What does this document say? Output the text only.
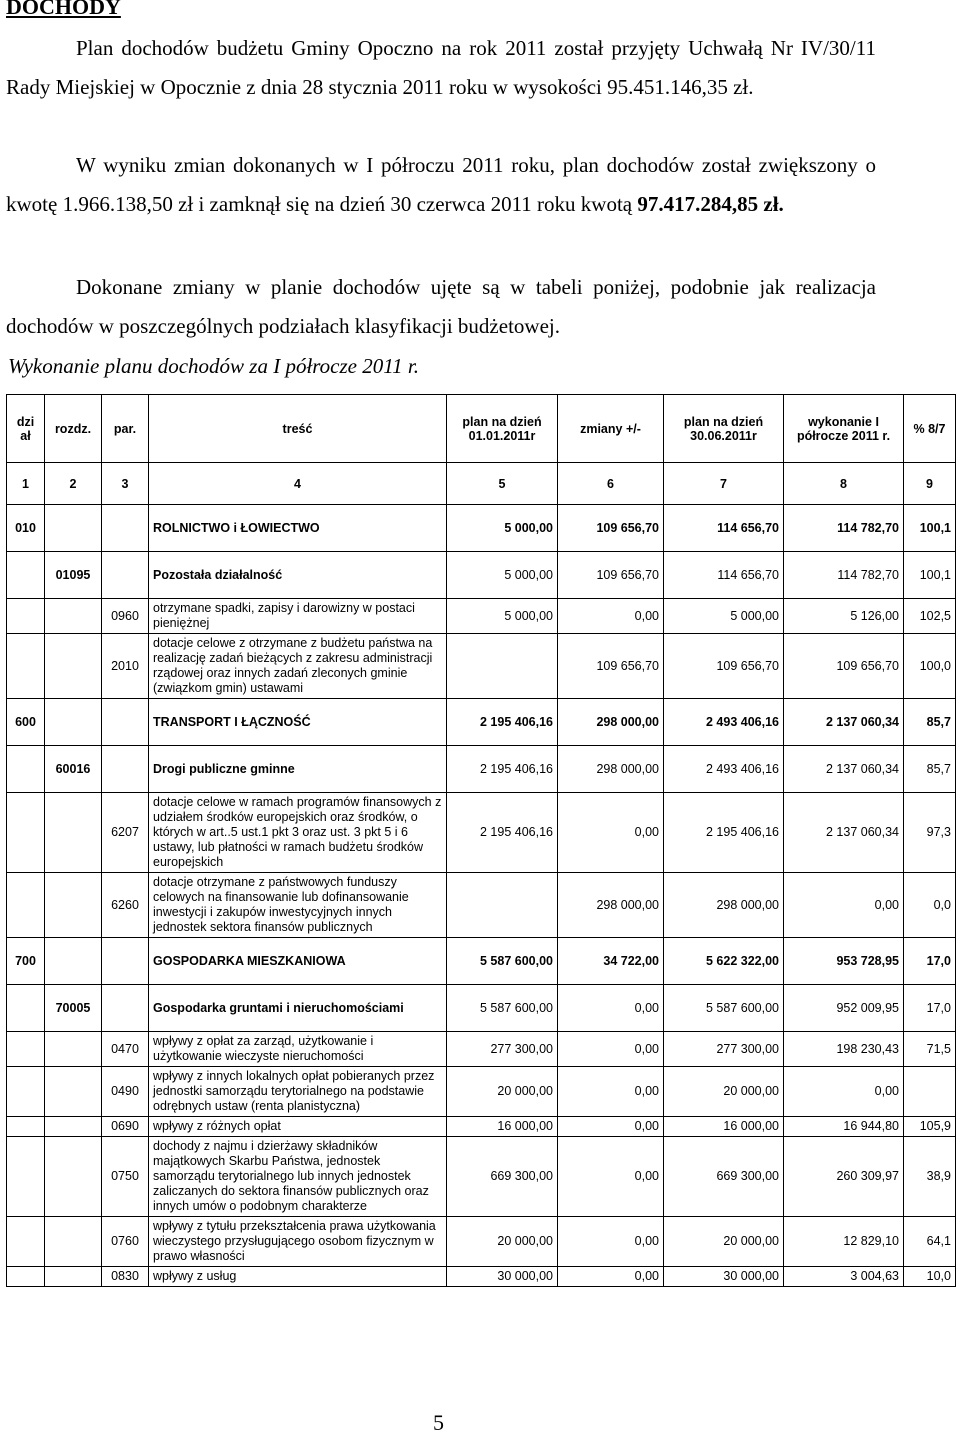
DOCHODY
Plan dochodów budżetu Gminy Opoczno na rok 2011 został przyjęty Uchwałą Nr IV/30/11 Rady Miejskiej w Opocznie z dnia 28 stycznia 2011 roku w wysokości 95.451.146,35 zł.
W wyniku zmian dokonanych w I półroczu 2011 roku, plan dochodów został zwiększony o kwotę 1.966.138,50 zł i zamknął się na dzień 30 czerwca 2011 roku kwotą 97.417.284,85 zł.
Dokonane zmiany w planie dochodów ujęte są w tabeli poniżej, podobnie jak realizacja dochodów w poszczególnych podziałach klasyfikacji budżetowej.
Wykonanie planu dochodów za I półrocze 2011 r.
dzi ał	rozdz.	par.	treść	plan na dzień 01.01.2011r	zmiany +/-	plan na dzień 30.06.2011r	wykonanie I półrocze 2011 r.	% 8/7
1	2	3	4	5	6	7	8	9
010			ROLNICTWO i ŁOWIECTWO	5 000,00	109 656,70	114 656,70	114 782,70	100,1
	01095		Pozostała działalność	5 000,00	109 656,70	114 656,70	114 782,70	100,1
		0960	otrzymane spadki, zapisy i darowizny w postaci pieniężnej	5 000,00	0,00	5 000,00	5 126,00	102,5
		2010	dotacje celowe z otrzymane z budżetu państwa na realizację zadań bieżących z zakresu administracji rządowej oraz innych zadań zleconych gminie (związkom gmin) ustawami		109 656,70	109 656,70	109 656,70	100,0
600			TRANSPORT I ŁĄCZNOŚĆ	2 195 406,16	298 000,00	2 493 406,16	2 137 060,34	85,7
	60016		Drogi publiczne gminne	2 195 406,16	298 000,00	2 493 406,16	2 137 060,34	85,7
		6207	dotacje celowe w ramach programów finansowych z udziałem środków europejskich oraz środków, o których w art..5 ust.1 pkt 3 oraz ust. 3 pkt 5 i 6 ustawy, lub płatności w ramach budżetu środków europejskich	2 195 406,16	0,00	2 195 406,16	2 137 060,34	97,3
		6260	dotacje otrzymane z państwowych funduszy celowych na finansowanie lub dofinansowanie inwestycji i zakupów inwestycyjnych innych jednostek sektora finansów publicznych		298 000,00	298 000,00	0,00	0,0
700			GOSPODARKA MIESZKANIOWA	5 587 600,00	34 722,00	5 622 322,00	953 728,95	17,0
	70005		Gospodarka gruntami i nieruchomościami	5 587 600,00	0,00	5 587 600,00	952 009,95	17,0
		0470	wpływy z opłat za zarząd, użytkowanie i użytkowanie wieczyste nieruchomości	277 300,00	0,00	277 300,00	198 230,43	71,5
		0490	wpływy z innych lokalnych opłat pobieranych przez jednostki samorządu terytorialnego na podstawie odrębnych ustaw (renta planistyczna)	20 000,00	0,00	20 000,00	0,00	
		0690	wpływy z różnych opłat	16 000,00	0,00	16 000,00	16 944,80	105,9
		0750	dochody z najmu i dzierżawy składników majątkowych Skarbu Państwa, jednostek samorządu terytorialnego lub innych jednostek zaliczanych do sektora finansów publicznych oraz innych umów o podobnym charakterze	669 300,00	0,00	669 300,00	260 309,97	38,9
		0760	wpływy z tytułu przekształcenia prawa użytkowania wieczystego przysługującego osobom fizycznym w prawo własności	20 000,00	0,00	20 000,00	12 829,10	64,1
		0830	wpływy z usług	30 000,00	0,00	30 000,00	3 004,63	10,0
5
